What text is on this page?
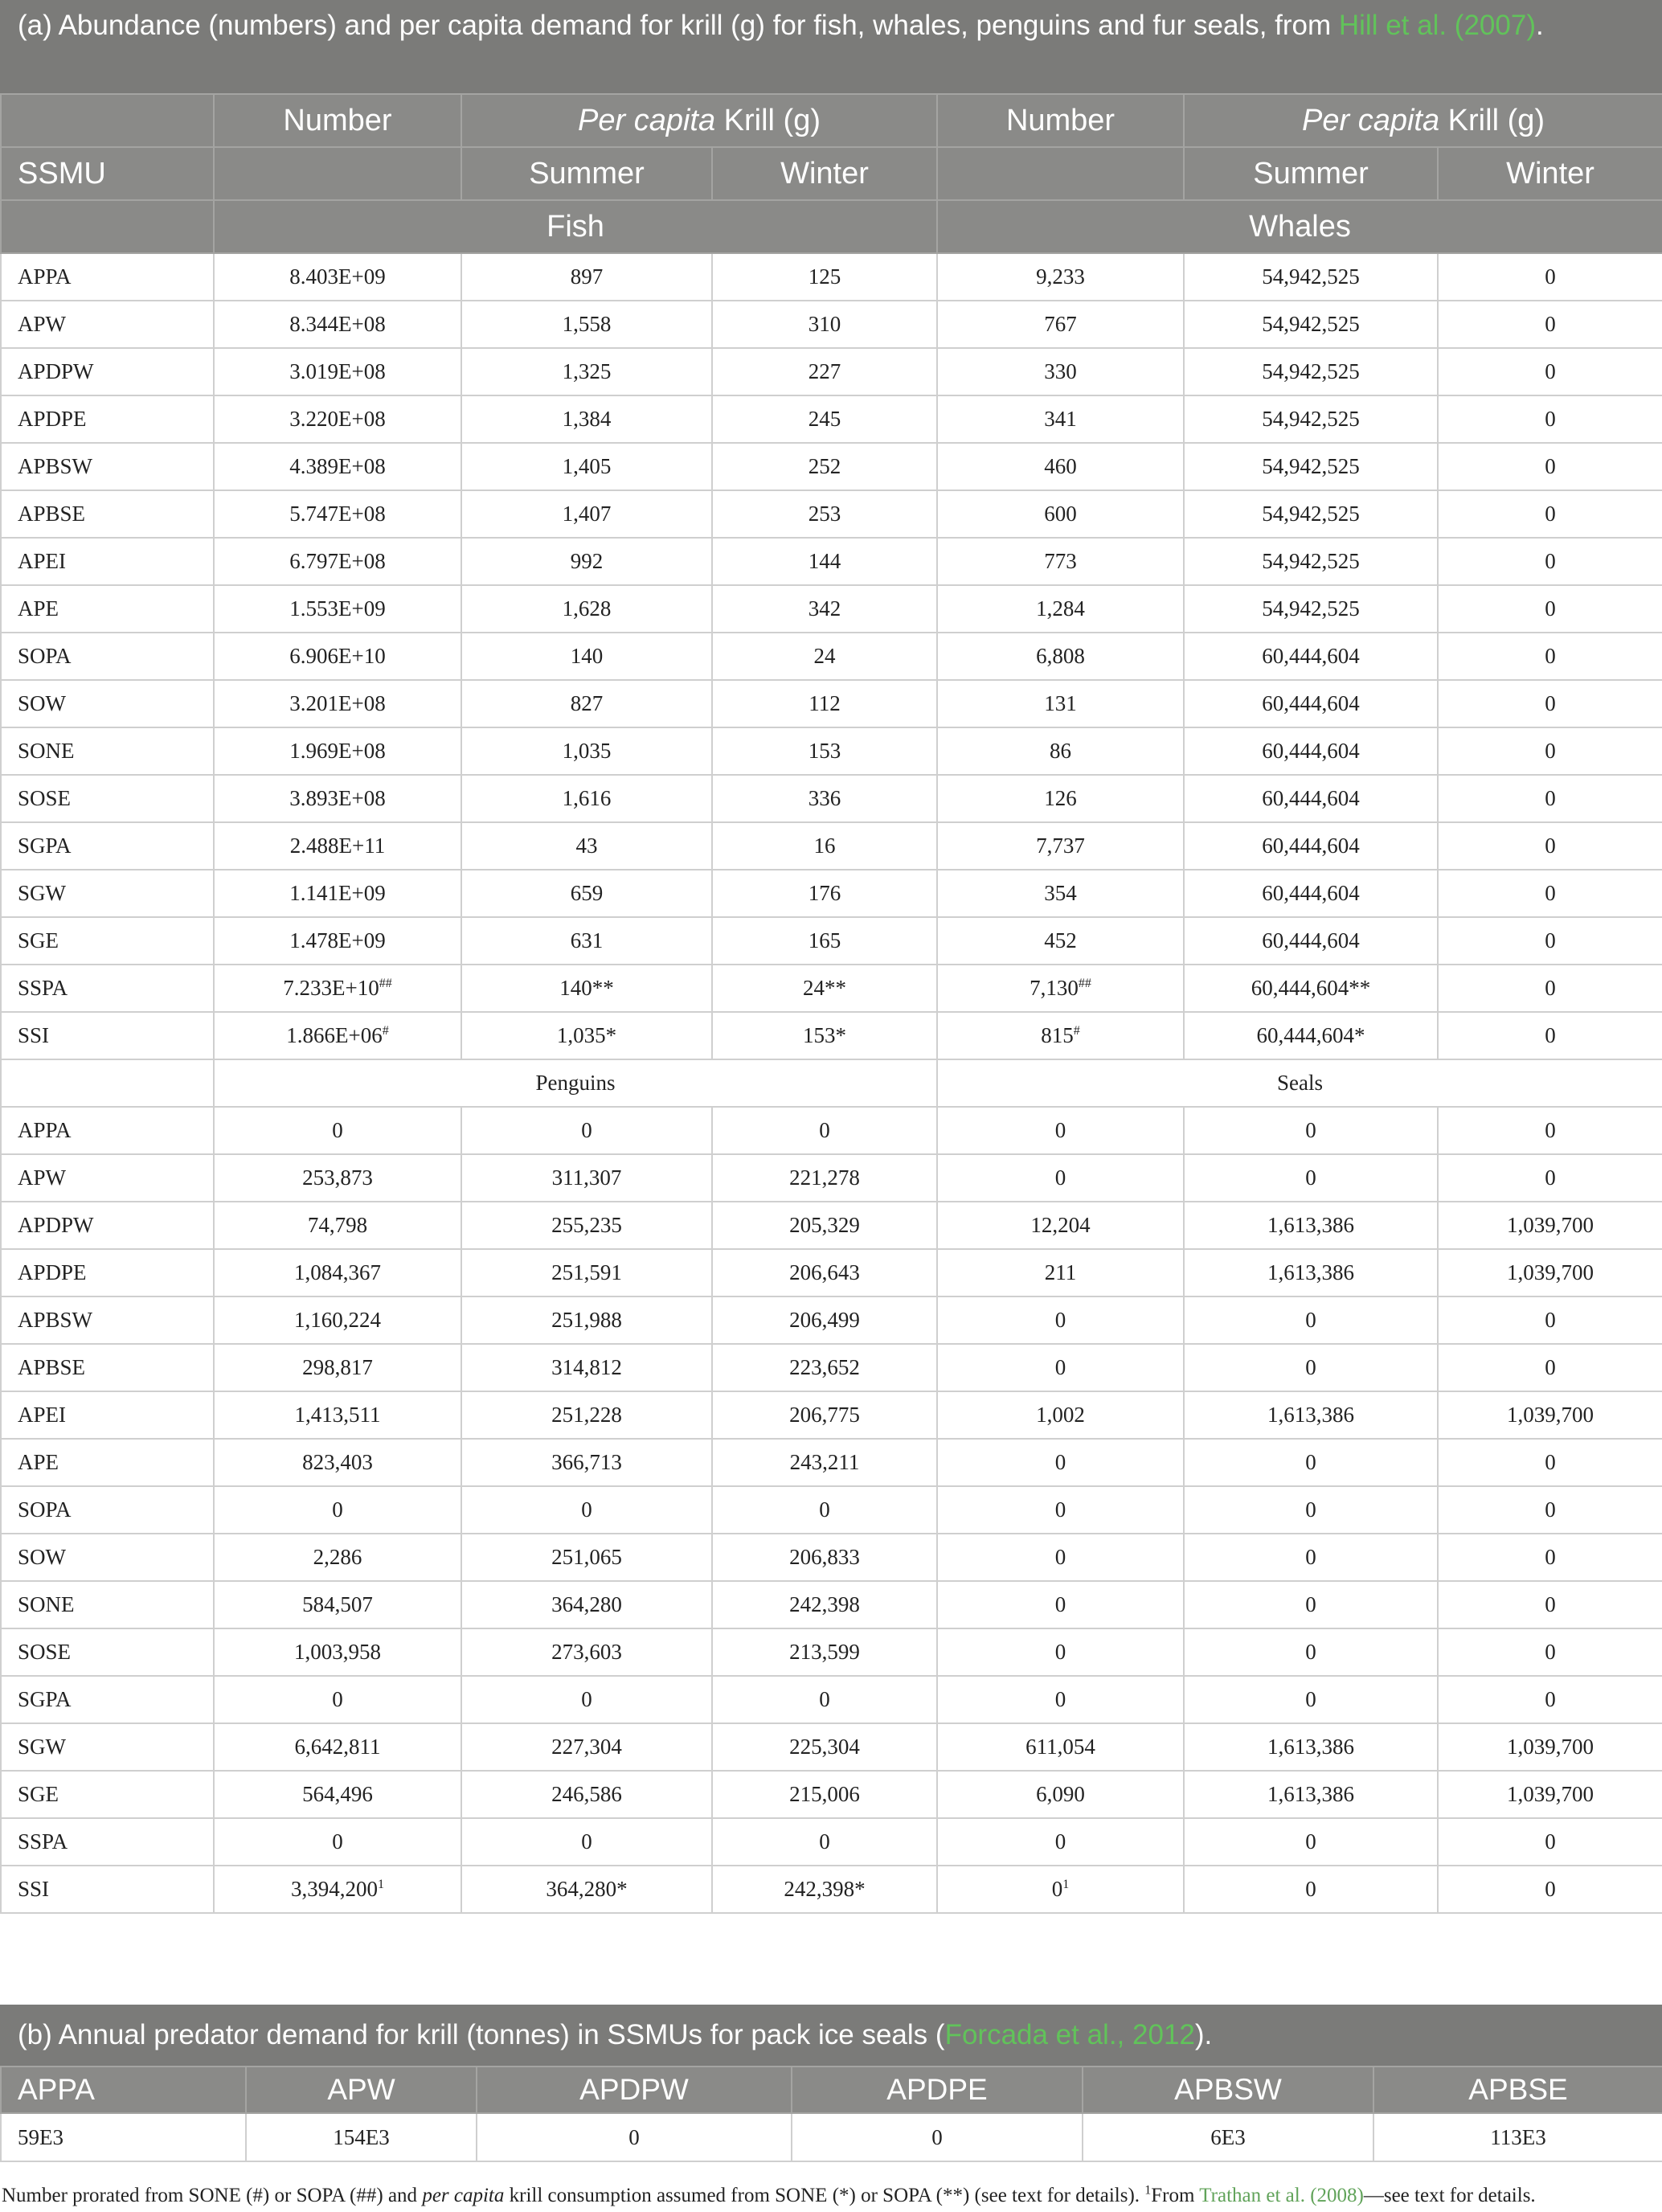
(a) Abundance (numbers) and per capita demand for krill (g) for fish, whales, penguins and fur seals, from Hill et al. (2007).
	Number	Per capita Krill (g)		Number	Per capita Krill (g)	
SSMU		Summer	Winter		Summer	Winter
	Fish			Whales		
APPA	8.403E+09	897	125	9,233	54,942,525	0
APW	8.344E+08	1,558	310	767	54,942,525	0
APDPW	3.019E+08	1,325	227	330	54,942,525	0
APDPE	3.220E+08	1,384	245	341	54,942,525	0
APBSW	4.389E+08	1,405	252	460	54,942,525	0
APBSE	5.747E+08	1,407	253	600	54,942,525	0
APEI	6.797E+08	992	144	773	54,942,525	0
APE	1.553E+09	1,628	342	1,284	54,942,525	0
SOPA	6.906E+10	140	24	6,808	60,444,604	0
SOW	3.201E+08	827	112	131	60,444,604	0
SONE	1.969E+08	1,035	153	86	60,444,604	0
SOSE	3.893E+08	1,616	336	126	60,444,604	0
SGPA	2.488E+11	43	16	7,737	60,444,604	0
SGW	1.141E+09	659	176	354	60,444,604	0
SGE	1.478E+09	631	165	452	60,444,604	0
SSPA	7.233E+10##	140**	24**	7,130##	60,444,604**	0
SSI	1.866E+06#	1,035*	153*	815#	60,444,604*	0
	Penguins			Seals		
APPA	0	0	0	0	0	0
APW	253,873	311,307	221,278	0	0	0
APDPW	74,798	255,235	205,329	12,204	1,613,386	1,039,700
APDPE	1,084,367	251,591	206,643	211	1,613,386	1,039,700
APBSW	1,160,224	251,988	206,499	0	0	0
APBSE	298,817	314,812	223,652	0	0	0
APEI	1,413,511	251,228	206,775	1,002	1,613,386	1,039,700
APE	823,403	366,713	243,211	0	0	0
SOPA	0	0	0	0	0	0
SOW	2,286	251,065	206,833	0	0	0
SONE	584,507	364,280	242,398	0	0	0
SOSE	1,003,958	273,603	213,599	0	0	0
SGPA	0	0	0	0	0	0
SGW	6,642,811	227,304	225,304	611,054	1,613,386	1,039,700
SGE	564,496	246,586	215,006	6,090	1,613,386	1,039,700
SSPA	0	0	0	0	0	0
SSI	3,394,200$^1$	364,280*	242,398*	$0^1$	0	0
(b) Annual predator demand for krill (tonnes) in SSMUs for pack ice seals (Forcada et al., 2012).
APPA	APW	APDPW	APDPE	APBSW	APBSE
59E3	154E3	0	0	6E3	113E3
Number prorated from SONE (#) or SOPA (##) and per capita krill consumption assumed from SONE (*) or SOPA (**) (see text for details). $^1$From Trathan et al. (2008)—see text for details.
